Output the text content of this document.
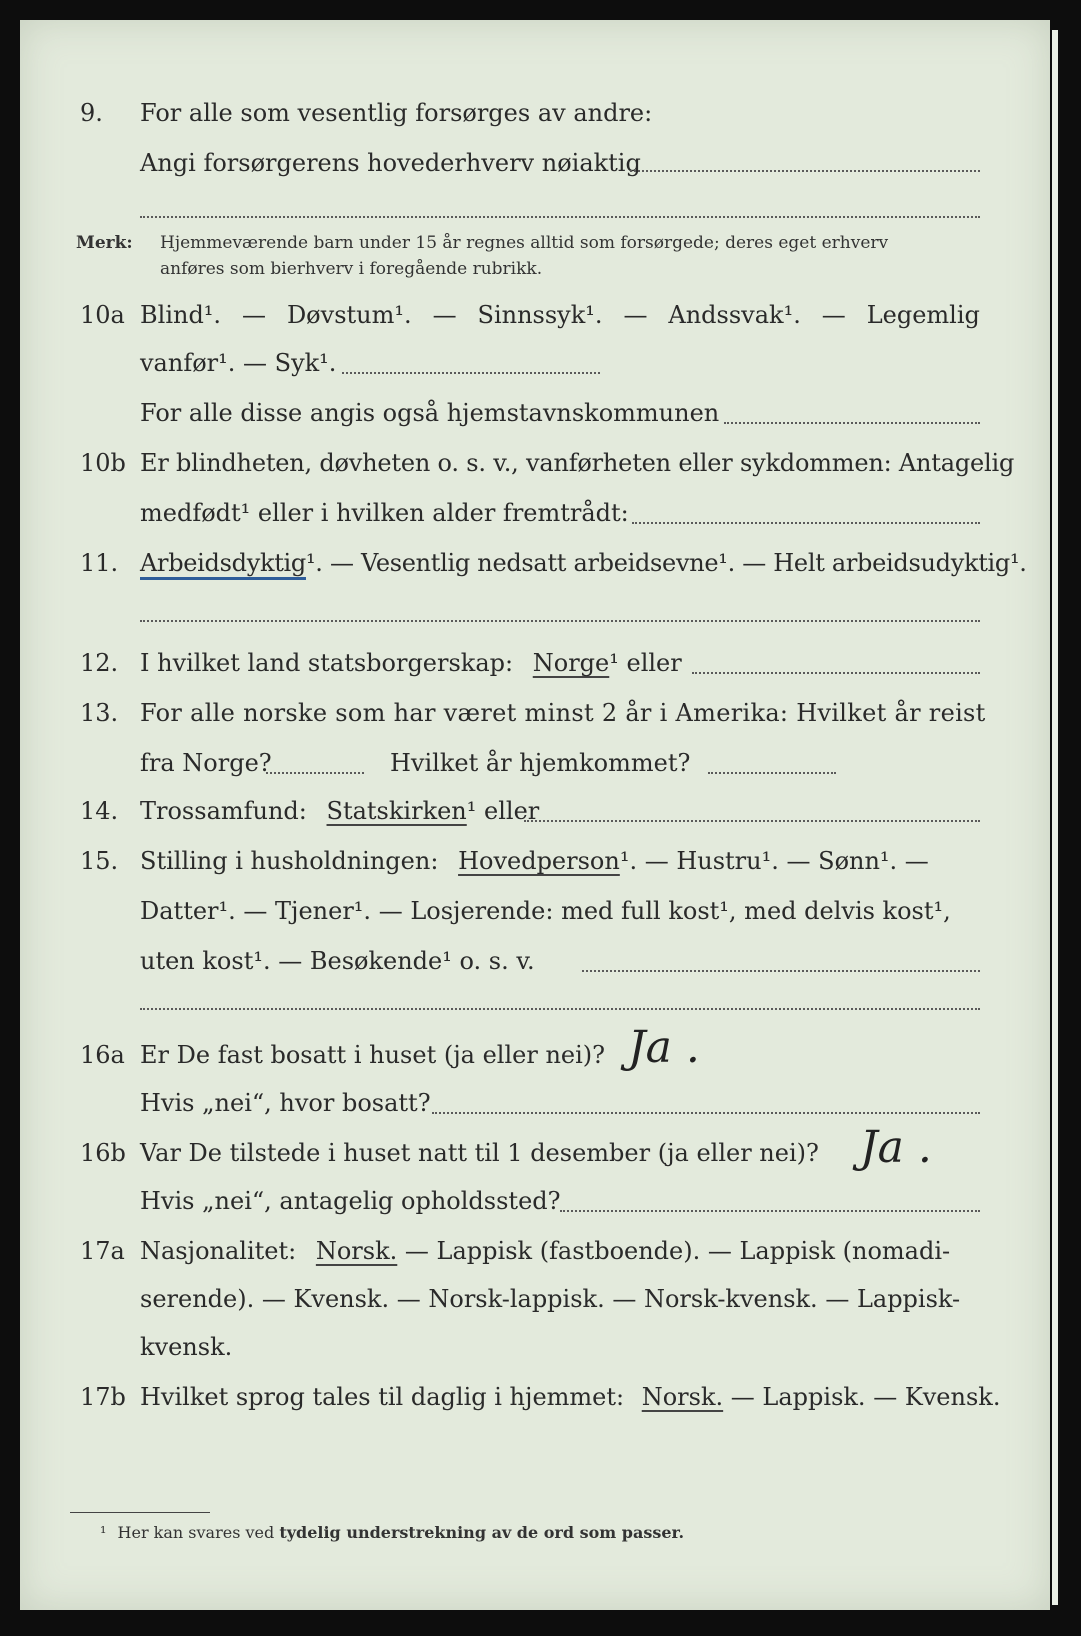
9. For alle som vesentlig forsørges av andre:
Angi forsørgerens hovederhverv nøiaktig
Merk: Hjemmeværende barn under 15 år regnes alltid som forsørgede; deres eget erhverv
anføres som bierhverv i foregående rubrikk.
10a Blind¹. — Døvstum¹. — Sinnssyk¹. — Andssvak¹. — Legemlig
vanfør¹. — Syk¹.
For alle disse angis også hjemstavnskommunen
10b Er blindheten, døvheten o. s. v., vanførheten eller sykdommen: Antagelig
medfødt¹ eller i hvilken alder fremtrådt:
11. Arbeidsdyktig¹. — Vesentlig nedsatt arbeidsevne¹. — Helt arbeidsudyktig¹.
12. I hvilket land statsborgerskap: Norge¹ eller
13. For alle norske som har været minst 2 år i Amerika: Hvilket år reist
fra Norge?	Hvilket år hjemkommet?
14. Trossamfund: Statskirken¹ eller
15. Stilling i husholdningen: Hovedperson¹. — Hustru¹. — Sønn¹. —
Datter¹. — Tjener¹. — Losjerende: med full kost¹, med delvis kost¹,
uten kost¹. — Besøkende¹ o. s. v.
16a Er De fast bosatt i huset (ja eller nei)? Ja .
Hvis „nei“, hvor bosatt?
16b Var De tilstede i huset natt til 1 desember (ja eller nei)? Ja .
Hvis „nei“, antagelig opholdssted?
17a Nasjonalitet: Norsk. — Lappisk (fastboende). — Lappisk (nomadi-
serende). — Kvensk. — Norsk-lappisk. — Norsk-kvensk. — Lappisk-
kvensk.
17b Hvilket sprog tales til daglig i hjemmet: Norsk. — Lappisk. — Kvensk.
¹ Her kan svares ved tydelig understrekning av de ord som passer.
